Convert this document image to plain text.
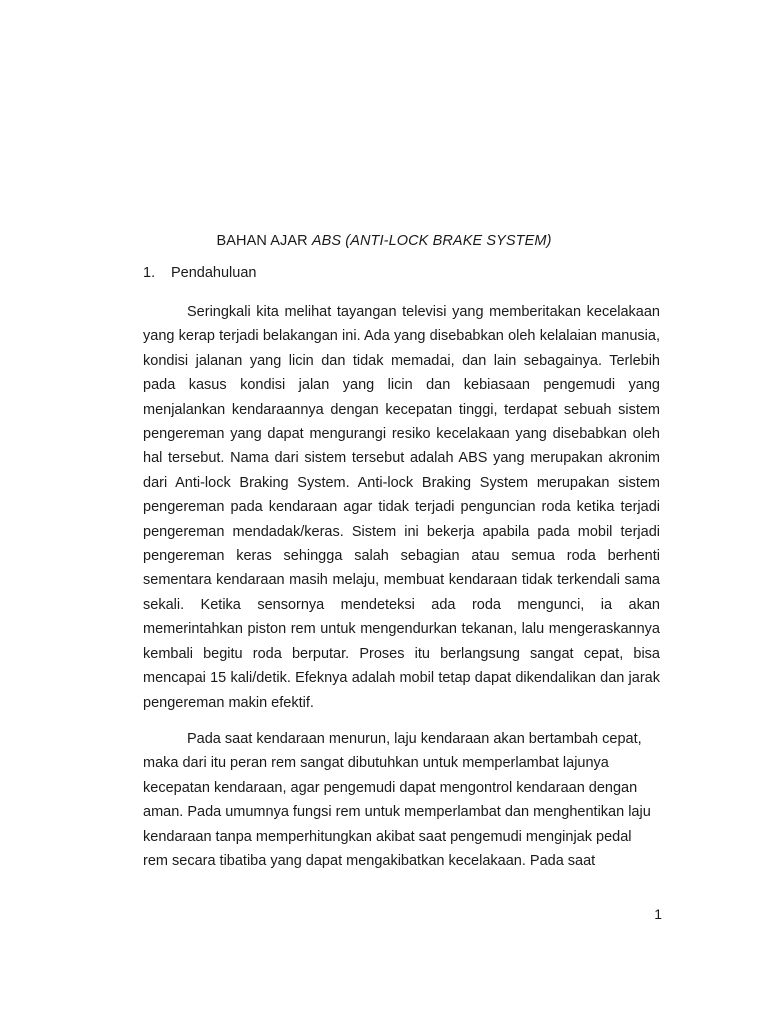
BAHAN AJAR ABS (ANTI-LOCK BRAKE SYSTEM)
1. Pendahuluan

Seringkali kita melihat tayangan televisi yang memberitakan kecelakaan yang kerap terjadi belakangan ini. Ada yang disebabkan oleh kelalaian manusia, kondisi jalanan yang licin dan tidak memadai, dan lain sebagainya. Terlebih pada kasus kondisi jalan yang licin dan kebiasaan pengemudi yang menjalankan kendaraannya dengan kecepatan tinggi, terdapat sebuah sistem pengereman yang dapat mengurangi resiko kecelakaan yang disebabkan oleh hal tersebut. Nama dari sistem tersebut adalah ABS yang merupakan akronim dari Anti-lock Braking System. Anti-lock Braking System merupakan sistem pengereman pada kendaraan agar tidak terjadi penguncian roda ketika terjadi pengereman mendadak/keras. Sistem ini bekerja apabila pada mobil terjadi pengereman keras sehingga salah sebagian atau semua roda berhenti sementara kendaraan masih melaju, membuat kendaraan tidak terkendali sama sekali. Ketika sensornya mendeteksi ada roda mengunci, ia akan memerintahkan piston rem untuk mengendurkan tekanan, lalu mengeraskannya kembali begitu roda berputar. Proses itu berlangsung sangat cepat, bisa mencapai 15 kali/detik. Efeknya adalah mobil tetap dapat dikendalikan dan jarak pengereman makin efektif.

Pada saat kendaraan menurun, laju kendaraan akan bertambah cepat, maka dari itu peran rem sangat dibutuhkan untuk memperlambat lajunya kecepatan kendaraan, agar pengemudi dapat mengontrol kendaraan dengan aman. Pada umumnya fungsi rem untuk memperlambat dan menghentikan laju kendaraan tanpa memperhitungkan akibat saat pengemudi menginjak pedal rem secara tibatiba yang dapat mengakibatkan kecelakaan. Pada saat

1
